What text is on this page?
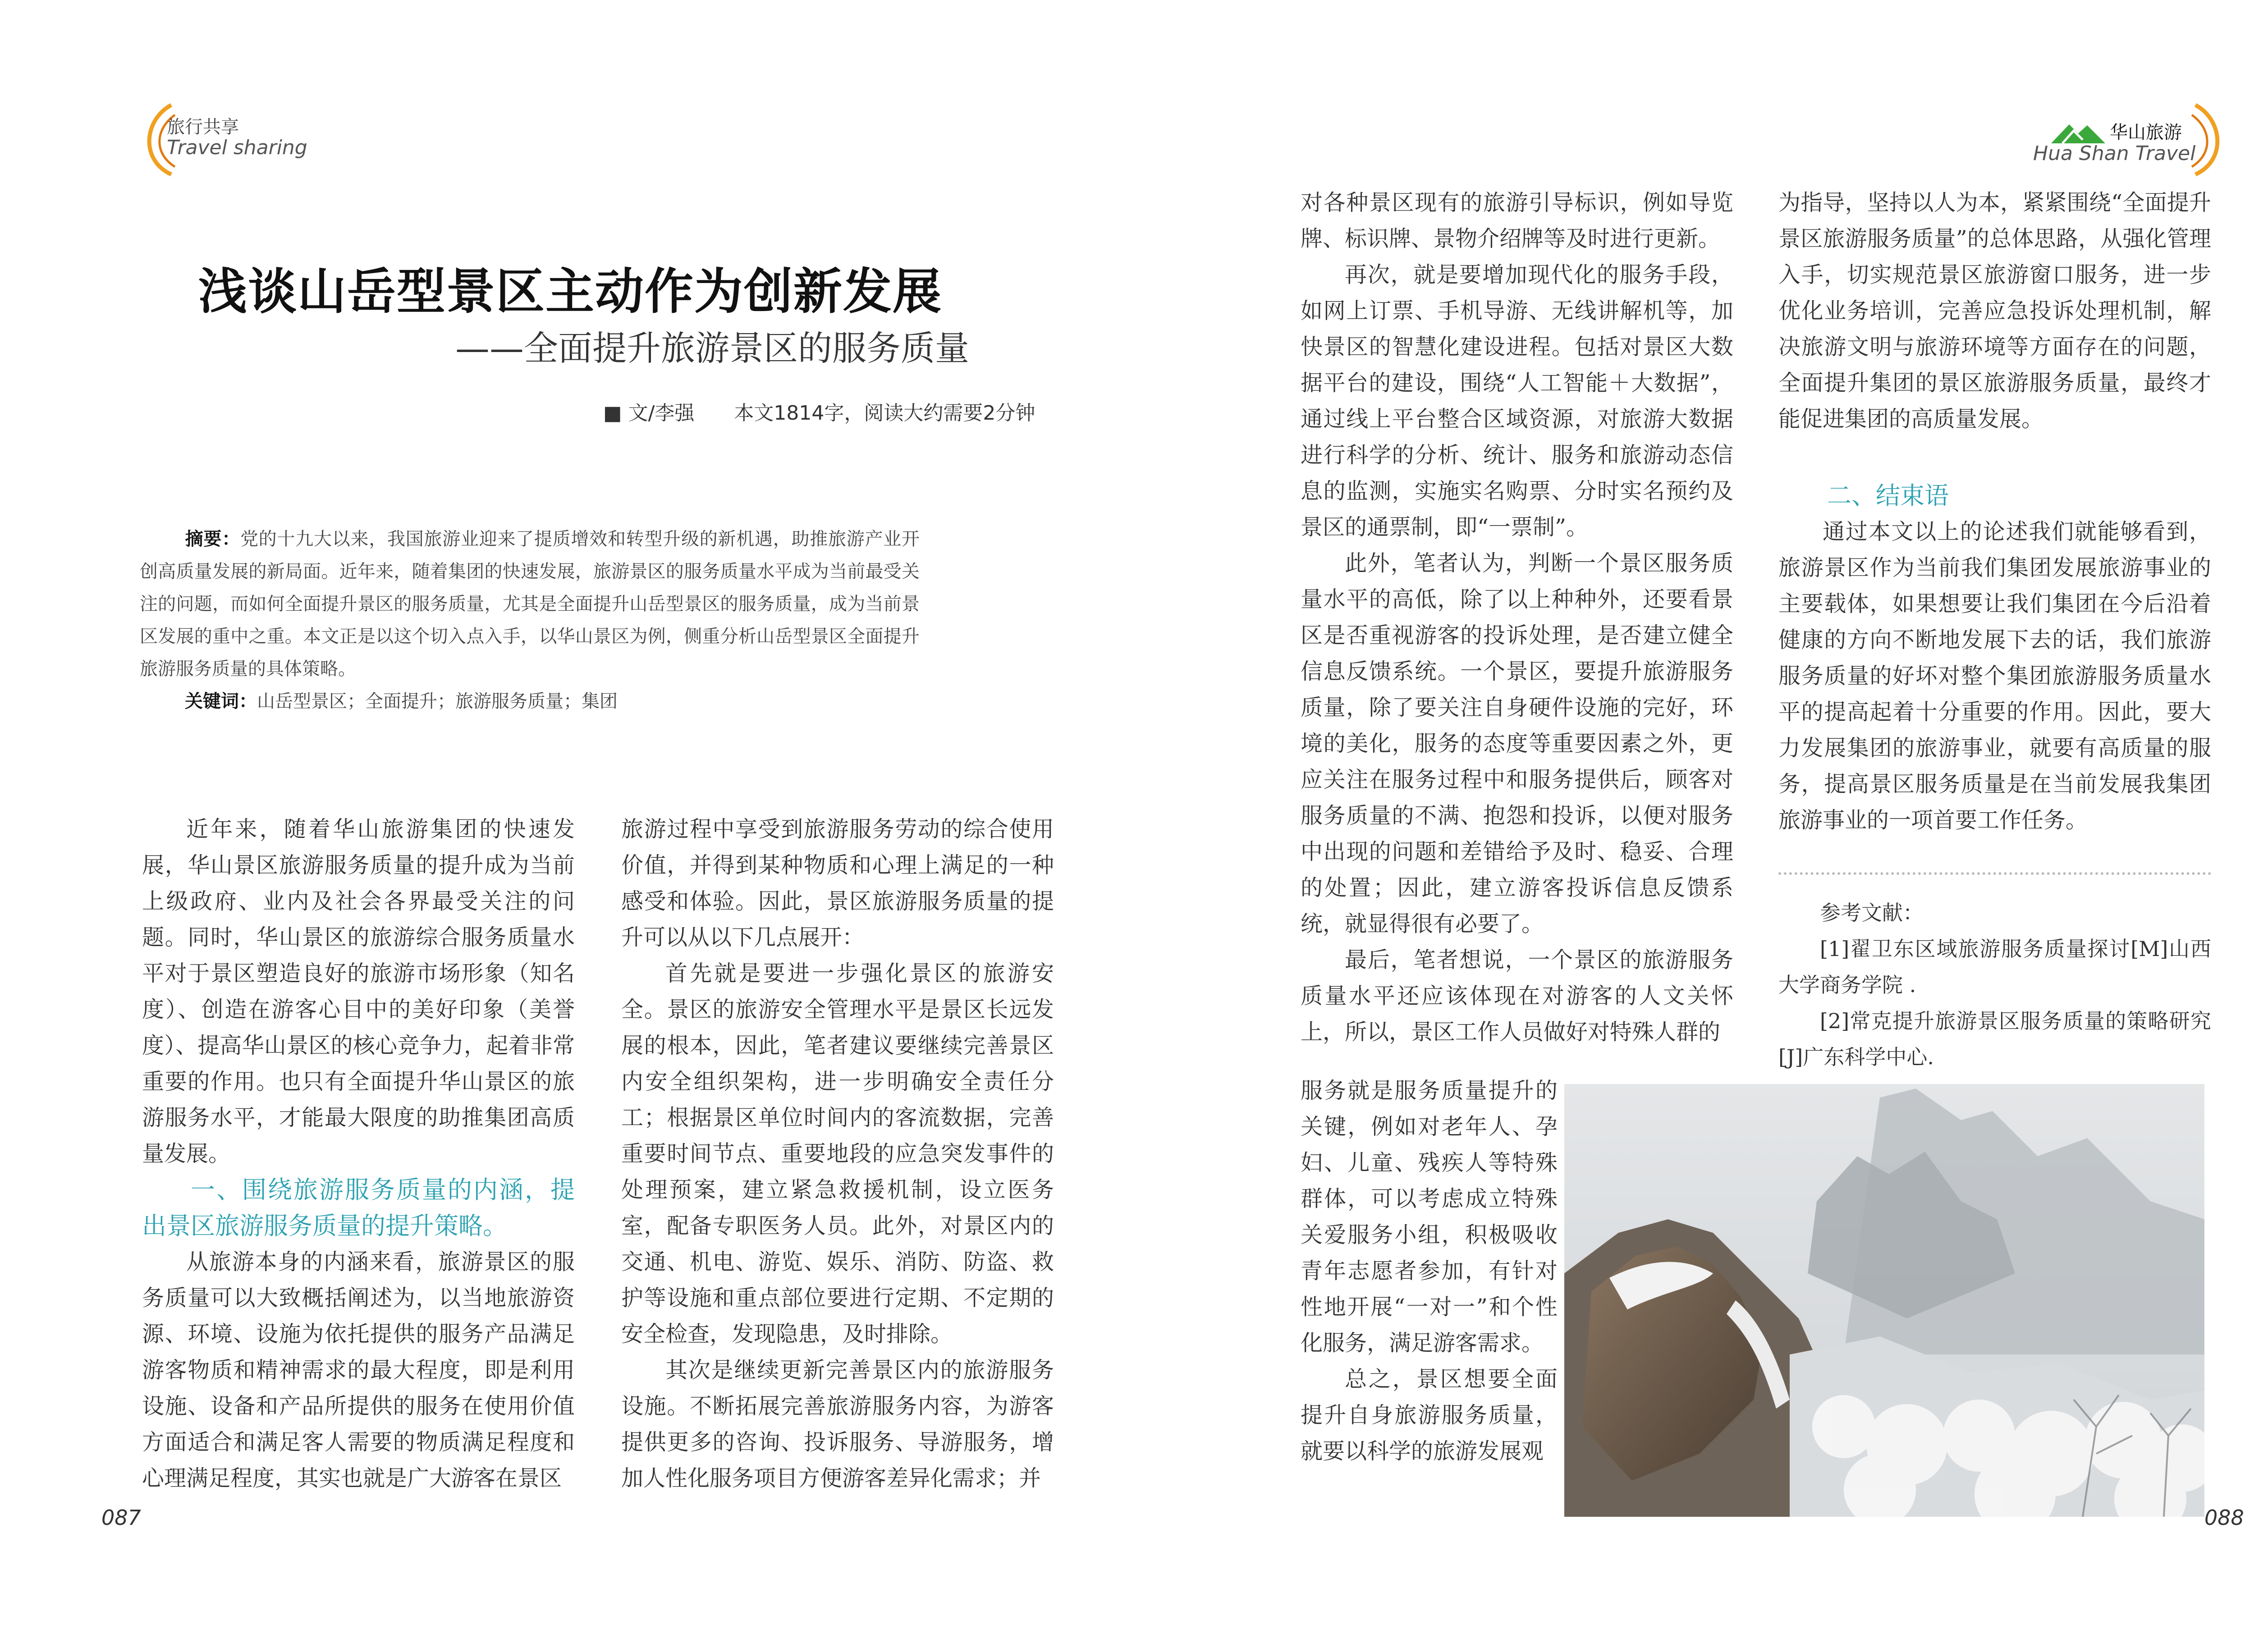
旅行共享
Travel sharing
华山旅游
Hua Shan Travel
浅谈山岳型景区主动作为创新发展
——全面提升旅游景区的服务质量
■ 文/李强 本文1814字，阅读大约需要2分钟
摘要：党的十九大以来，我国旅游业迎来了提质增效和转型升级的新机遇，助推旅游产业开创高质量发展的新局面。近年来，随着集团的快速发展，旅游景区的服务质量水平成为当前最受关注的问题，而如何全面提升景区的服务质量，尤其是全面提升山岳型景区的服务质量，成为当前景区发展的重中之重。本文正是以这个切入点入手，以华山景区为例，侧重分析山岳型景区全面提升旅游服务质量的具体策略。
关键词：山岳型景区；全面提升；旅游服务质量；集团

近年来，随着华山旅游集团的快速发展，华山景区旅游服务质量的提升成为当前上级政府、业内及社会各界最受关注的问题。同时，华山景区的旅游综合服务质量水平对于景区塑造良好的旅游市场形象（知名度）、创造在游客心目中的美好印象（美誉度）、提高华山景区的核心竞争力，起着非常重要的作用。也只有全面提升华山景区的旅游服务水平，才能最大限度的助推集团高质量发展。

一、围绕旅游服务质量的内涵，提出景区旅游服务质量的提升策略。

从旅游本身的内涵来看，旅游景区的服务质量可以大致概括阐述为，以当地旅游资源、环境、设施为依托提供的服务产品满足游客物质和精神需求的最大程度，即是利用设施、设备和产品所提供的服务在使用价值方面适合和满足客人需要的物质满足程度和心理满足程度，其实也就是广大游客在景区

旅游过程中享受到旅游服务劳动的综合使用价值，并得到某种物质和心理上满足的一种感受和体验。因此，景区旅游服务质量的提升可以从以下几点展开：

首先就是要进一步强化景区的旅游安全。景区的旅游安全管理水平是景区长远发展的根本，因此，笔者建议要继续完善景区内安全组织架构，进一步明确安全责任分工；根据景区单位时间内的客流数据，完善重要时间节点、重要地段的应急突发事件的处理预案，建立紧急救援机制，设立医务室，配备专职医务人员。此外，对景区内的交通、机电、游览、娱乐、消防、防盗、救护等设施和重点部位要进行定期、不定期的安全检查，发现隐患，及时排除。

其次是继续更新完善景区内的旅游服务设施。不断拓展完善旅游服务内容，为游客提供更多的咨询、投诉服务、导游服务，增加人性化服务项目方便游客差异化需求；并

对各种景区现有的旅游引导标识，例如导览牌、标识牌、景物介绍牌等及时进行更新。

再次，就是要增加现代化的服务手段，如网上订票、手机导游、无线讲解机等，加快景区的智慧化建设进程。包括对景区大数据平台的建设，围绕“人工智能＋大数据”，通过线上平台整合区域资源，对旅游大数据进行科学的分析、统计、服务和旅游动态信息的监测，实施实名购票、分时实名预约及景区的通票制，即“一票制”。

此外，笔者认为，判断一个景区服务质量水平的高低，除了以上种种外，还要看景区是否重视游客的投诉处理，是否建立健全信息反馈系统。一个景区，要提升旅游服务质量，除了要关注自身硬件设施的完好，环境的美化，服务的态度等重要因素之外，更应关注在服务过程中和服务提供后，顾客对服务质量的不满、抱怨和投诉，以便对服务中出现的问题和差错给予及时、稳妥、合理的处置；因此，建立游客投诉信息反馈系统，就显得很有必要了。

最后，笔者想说，一个景区的旅游服务质量水平还应该体现在对游客的人文关怀上，所以，景区工作人员做好对特殊人群的

服务就是服务质量提升的关键，例如对老年人、孕妇、儿童、残疾人等特殊群体，可以考虑成立特殊关爱服务小组，积极吸收青年志愿者参加，有针对性地开展“一对一”和个性化服务，满足游客需求。

总之，景区想要全面提升自身旅游服务质量，就要以科学的旅游发展观

为指导，坚持以人为本，紧紧围绕“全面提升景区旅游服务质量”的总体思路，从强化管理入手，切实规范景区旅游窗口服务，进一步优化业务培训，完善应急投诉处理机制，解决旅游文明与旅游环境等方面存在的问题，全面提升集团的景区旅游服务质量，最终才能促进集团的高质量发展。

二、结束语

通过本文以上的论述我们就能够看到，旅游景区作为当前我们集团发展旅游事业的主要载体，如果想要让我们集团在今后沿着健康的方向不断地发展下去的话，我们旅游服务质量的好坏对整个集团旅游服务质量水平的提高起着十分重要的作用。因此，要大力发展集团的旅游事业，就要有高质量的服务，提高景区服务质量是在当前发展我集团旅游事业的一项首要工作任务。

参考文献：

[1]翟卫东区域旅游服务质量探讨[M]山西大学商务学院 .

[2]常克提升旅游景区服务质量的策略研究[J]广东科学中心.

087	088
